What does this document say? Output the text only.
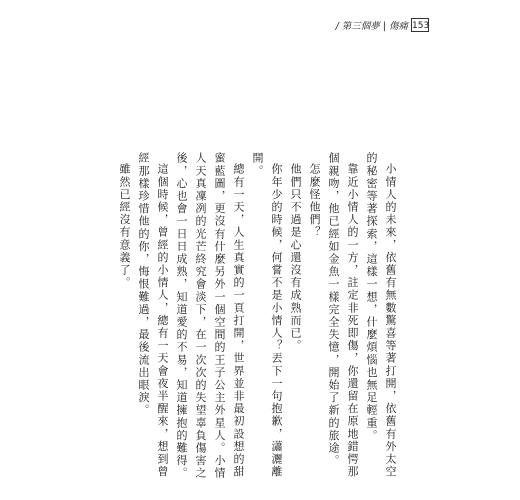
/ 第三個夢 | 傷痛 153

小情人的未來，依舊有無數驚喜等著打開，依舊有外太空的秘密等著探索，這樣一想，什麼煩惱也無足輕重。

靠近小情人的一方，註定非死即傷，你還留在原地錯愕那個親吻，他已經如金魚一樣完全失憶，開始了新的旅途。

怎麼怪他們？

他們只不過是心還沒有成熟而已。

你年少的時候，何嘗不是小情人？丟下一句抱歉，瀟灑離開。

總有一天，人生真實的一頁打開，世界並非最初設想的甜蜜藍圖，更沒有什麼另外一個空間的王子公主外星人。小情人天真凜冽的光芒終究會淡下，在一次次的失望辜負傷害之後，心也會一日日成熟，知道愛的不易，知道擁抱的難得。

這個時候，曾經的小情人，總有一天會夜半醒來，想到曾經那樣珍惜他的你，悔恨難過，最後流出眼淚。

雖然已經沒有意義了。
